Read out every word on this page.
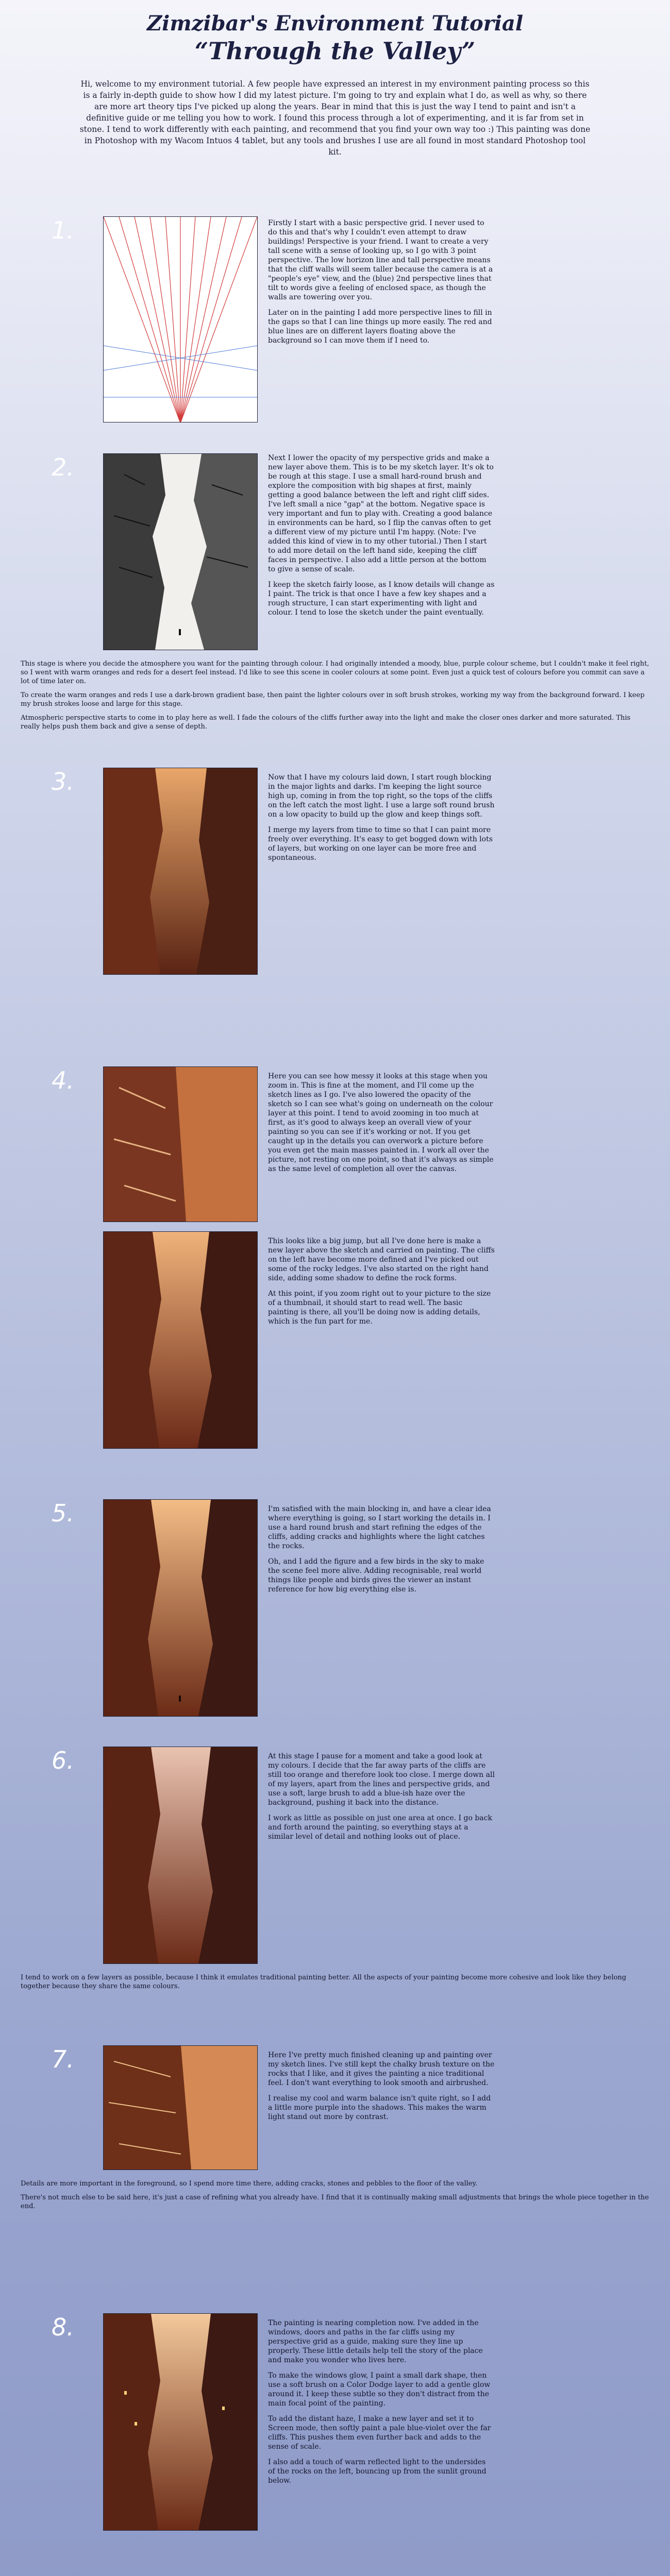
Zimzibar's Environment Tutorial
“Through the Valley”

Hi, welcome to my environment tutorial. A few people have expressed an interest in my environment painting process so this is a fairly in-depth guide to show how I did my latest picture. I'm going to try and explain what I do, as well as why, so there are more art theory tips I've picked up along the years. Bear in mind that this is just the way I tend to paint and isn't a definitive guide or me telling you how to work. I found this process through a lot of experimenting, and it is far from set in stone. I tend to work differently with each painting, and recommend that you find your own way too :) This painting was done in Photoshop with my Wacom Intuos 4 tablet, but any tools and brushes I use are all found in most standard Photoshop tool kit.

1.	Firstly I start with a basic perspective grid. I never used to do this and that's why I couldn't even attempt to draw buildings! Perspective is your friend. I want to create a very tall scene with a sense of looking up, so I go with 3 point perspective. The low horizon line and tall perspective means that the cliff walls will seem taller because the camera is at a "people's eye" view, and the (blue) 2nd perspective lines that tilt to words give a feeling of enclosed space, as though the walls are towering over you.

Later on in the painting I add more perspective lines to fill in the gaps so that I can line things up more easily. The red and blue lines are on different layers floating above the background so I can move them if I need to.

2.	Next I lower the opacity of my perspective grids and make a new layer above them. This is to be my sketch layer. It's ok to be rough at this stage. I use a small hard-round brush and explore the composition with big shapes at first, mainly getting a good balance between the left and right cliff sides. I've left small a nice "gap" at the bottom. Negative space is very important and fun to play with. Creating a good balance in environments can be hard, so I flip the canvas often to get a different view of my picture until I'm happy. (Note: I've added this kind of view in to my other tutorial.) Then I start to add more detail on the left hand side, keeping the cliff faces in perspective. I also add a little person at the bottom to give a sense of scale.

I keep the sketch fairly loose, as I know details will change as I paint. The trick is that once I have a few key shapes and a rough structure, I can start experimenting with light and colour. I tend to lose the sketch under the paint eventually.

This stage is where you decide the atmosphere you want for the painting through colour. I had originally intended a moody, blue, purple colour scheme, but I couldn't make it feel right, so I went with warm oranges and reds for a desert feel instead. I'd like to see this scene in cooler colours at some point. Even just a quick test of colours before you commit can save a lot of time later on.

To create the warm oranges and reds I use a dark-brown gradient base, then paint the lighter colours over in soft brush strokes, working my way from the background forward. I keep my brush strokes loose and large for this stage.

Atmospheric perspective starts to come in to play here as well. I fade the colours of the cliffs further away into the light and make the closer ones darker and more saturated. This really helps push them back and give a sense of depth.

3.	Now that I have my colours laid down, I start rough blocking in the major lights and darks. I'm keeping the light source high up, coming in from the top right, so the tops of the cliffs on the left catch the most light. I use a large soft round brush on a low opacity to build up the glow and keep things soft.

I merge my layers from time to time so that I can paint more freely over everything. It's easy to get bogged down with lots of layers, but working on one layer can be more free and spontaneous.

4.	Here you can see how messy it looks at this stage when you zoom in. This is fine at the moment, and I'll come up the sketch lines as I go. I've also lowered the opacity of the sketch so I can see what's going on underneath on the colour layer at this point. I tend to avoid zooming in too much at first, as it's good to always keep an overall view of your painting so you can see if it's working or not. If you get caught up in the details you can overwork a picture before you even get the main masses painted in. I work all over the picture, not resting on one point, so that it's always as simple as the same level of completion all over the canvas.

This looks like a big jump, but all I've done here is make a new layer above the sketch and carried on painting. The cliffs on the left have become more defined and I've picked out some of the rocky ledges. I've also started on the right hand side, adding some shadow to define the rock forms.

At this point, if you zoom right out to your picture to the size of a thumbnail, it should start to read well. The basic painting is there, all you'll be doing now is adding details, which is the fun part for me.

5.	I'm satisfied with the main blocking in, and have a clear idea where everything is going, so I start working the details in. I use a hard round brush and start refining the edges of the cliffs, adding cracks and highlights where the light catches the rocks.

Oh, and I add the figure and a few birds in the sky to make the scene feel more alive. Adding recognisable, real world things like people and birds gives the viewer an instant reference for how big everything else is.

6.	At this stage I pause for a moment and take a good look at my colours. I decide that the far away parts of the cliffs are still too orange and therefore look too close. I merge down all of my layers, apart from the lines and perspective grids, and use a soft, large brush to add a blue-ish haze over the background, pushing it back into the distance.

I work as little as possible on just one area at once. I go back and forth around the painting, so everything stays at a similar level of detail and nothing looks out of place.

I tend to work on a few layers as possible, because I think it emulates traditional painting better. All the aspects of your painting become more cohesive and look like they belong together because they share the same colours.

7.	Here I've pretty much finished cleaning up and painting over my sketch lines. I've still kept the chalky brush texture on the rocks that I like, and it gives the painting a nice traditional feel. I don't want everything to look smooth and airbrushed.

I realise my cool and warm balance isn't quite right, so I add a little more purple into the shadows. This makes the warm light stand out more by contrast.

Details are more important in the foreground, so I spend more time there, adding cracks, stones and pebbles to the floor of the valley.

There's not much else to be said here, it's just a case of refining what you already have. I find that it is continually making small adjustments that brings the whole piece together in the end.

8.	The painting is nearing completion now. I've added in the windows, doors and paths in the far cliffs using my perspective grid as a guide, making sure they line up properly. These little details help tell the story of the place and make you wonder who lives here.

To make the windows glow, I paint a small dark shape, then use a soft brush on a Color Dodge layer to add a gentle glow around it. I keep these subtle so they don't distract from the main focal point of the painting.

To add the distant haze, I make a new layer and set it to Screen mode, then softly paint a pale blue-violet over the far cliffs. This pushes them even further back and adds to the sense of scale.

I also add a touch of warm reflected light to the undersides of the rocks on the left, bouncing up from the sunlit ground below.
